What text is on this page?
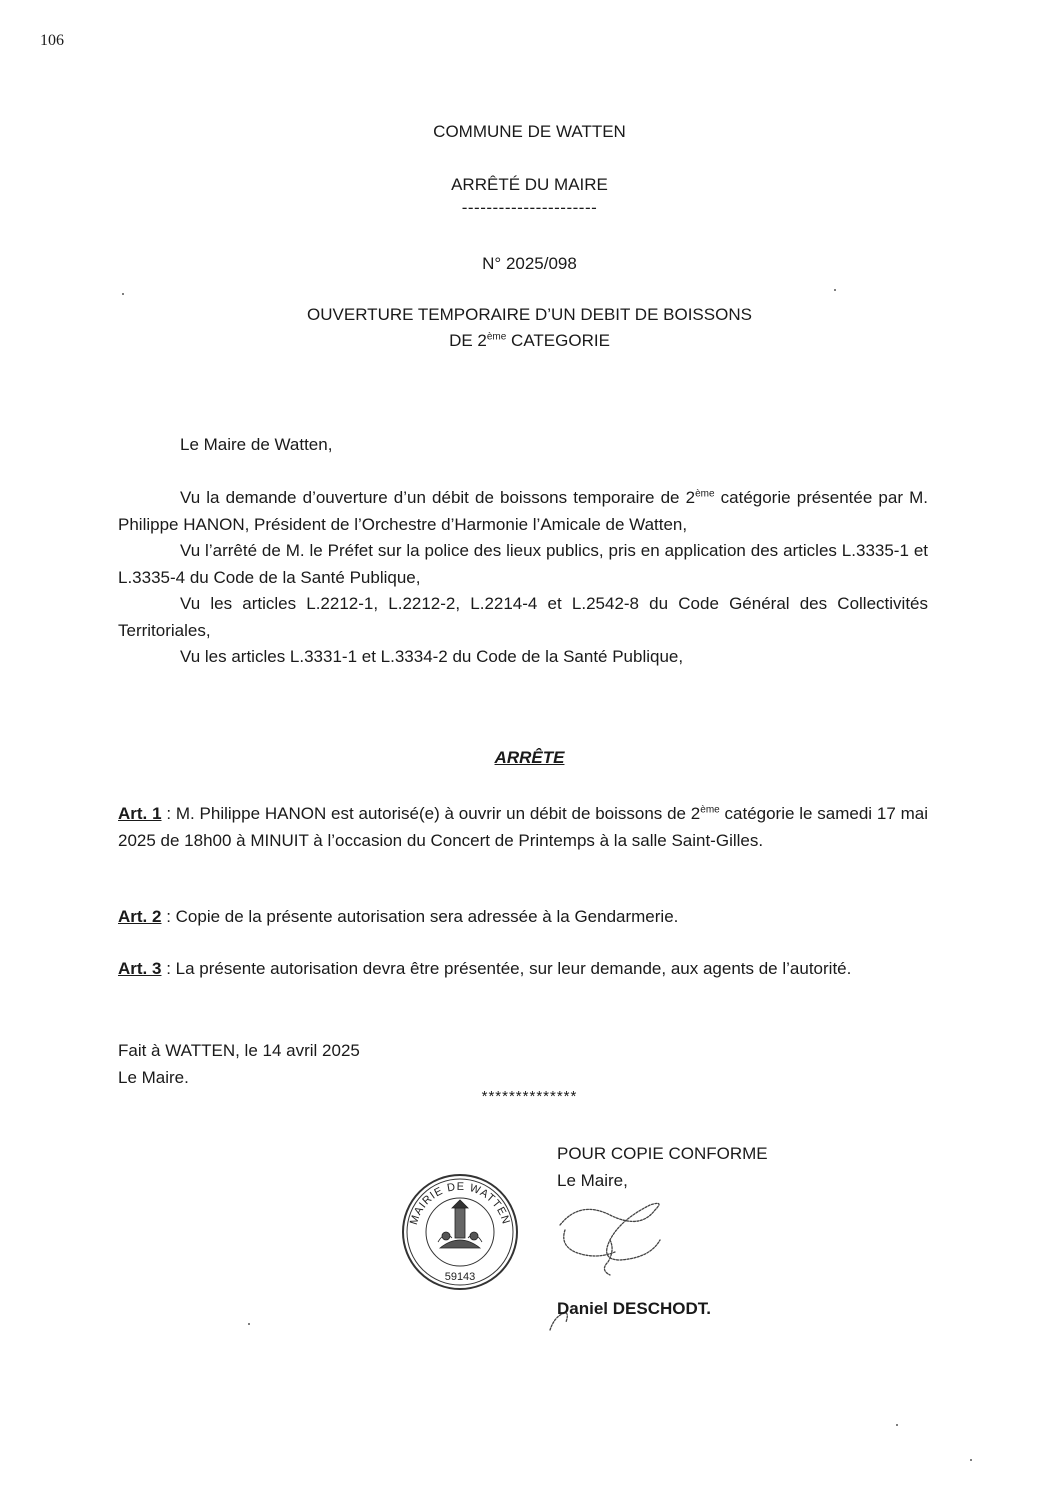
106
COMMUNE DE WATTEN
ARRÊTÉ DU MAIRE
----------------------
N° 2025/098
OUVERTURE TEMPORAIRE D’UN DEBIT DE BOISSONS
DE 2ème CATEGORIE
Le Maire de Watten,

Vu la demande d’ouverture d’un débit de boissons temporaire de 2ème catégorie présentée par M. Philippe HANON, Président de l’Orchestre d’Harmonie l’Amicale de Watten,

Vu l’arrêté de M. le Préfet sur la police des lieux publics, pris en application des articles L.3335-1 et L.3335-4 du Code de la Santé Publique,

Vu les articles L.2212-1, L.2212-2, L.2214-4 et L.2542-8 du Code Général des Collectivités Territoriales,

Vu les articles L.3331-1 et L.3334-2 du Code de la Santé Publique,

ARRÊTE

Art. 1 : M. Philippe HANON est autorisé(e) à ouvrir un débit de boissons de 2ème catégorie le samedi 17 mai 2025 de 18h00 à MINUIT à l’occasion du Concert de Printemps à la salle Saint-Gilles.

Art. 2 : Copie de la présente autorisation sera adressée à la Gendarmerie.

Art. 3 : La présente autorisation devra être présentée, sur leur demande, aux agents de l’autorité.

Fait à WATTEN, le 14 avril 2025
Le Maire.
**************
POUR COPIE CONFORME
Le Maire,
MAIRIE DE WATTEN
59143
Daniel DESCHODT.
